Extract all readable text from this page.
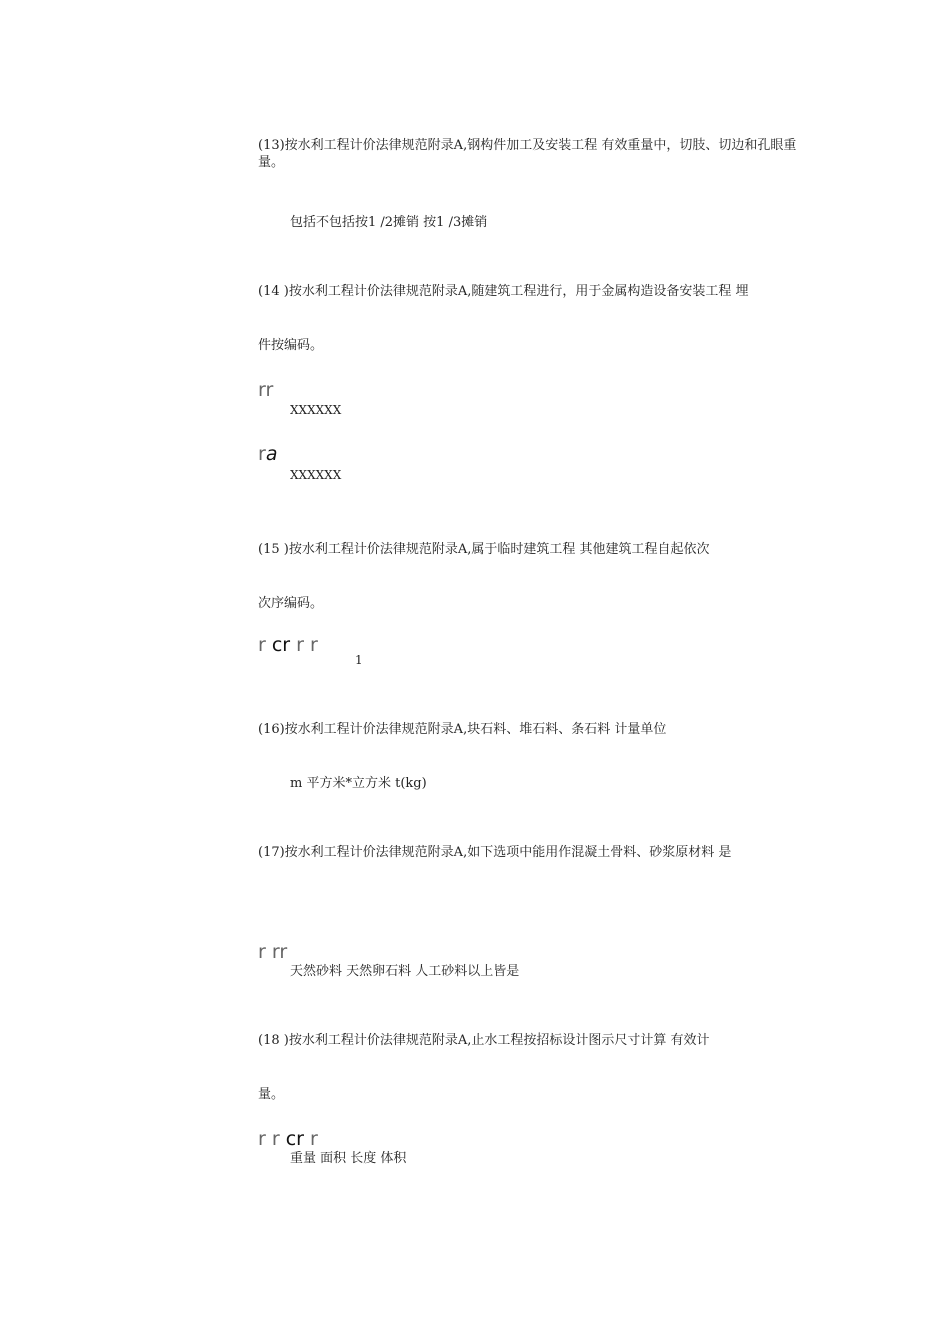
(13)按水利工程计价法律规范附录A,钢构件加工及安装工程 有效重量中，切肢、切边和孔眼重量。
包括不包括按1 /2摊销 按1 /3摊销
(14 )按水利工程计价法律规范附录A,随建筑工程进行，用于金属构造设备安装工程 埋
件按编码。
rr
XXXXXX
ra
XXXXXX
(15 )按水利工程计价法律规范附录A,属于临时建筑工程 其他建筑工程自起依次
次序编码。
r cr r r
1
(16)按水利工程计价法律规范附录A,块石料、堆石料、条石料 计量单位
m 平方米*立方米 t(kg)
(17)按水利工程计价法律规范附录A,如下选项中能用作混凝土骨料、砂浆原材料 是
r rr
天然砂料 天然卵石料 人工砂料以上皆是
(18 )按水利工程计价法律规范附录A,止水工程按招标设计图示尺寸计算 有效计
量。
r r cr r
重量 面积 长度 体积
